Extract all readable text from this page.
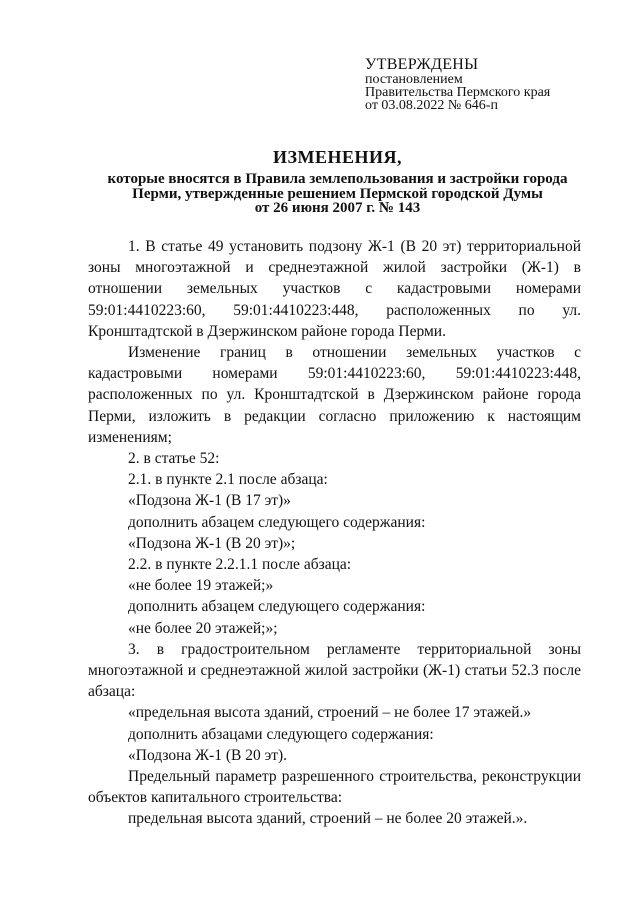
УТВЕРЖДЕНЫ
постановлением
Правительства Пермского края
от 03.08.2022 № 646-п
ИЗМЕНЕНИЯ,
которые вносятся в Правила землепользования и застройки города
Перми, утвержденные решением Пермской городской Думы
от 26 июня 2007 г. № 143

1. В статье 49 установить подзону Ж-1 (В 20 эт) территориальной зоны многоэтажной и среднеэтажной жилой застройки (Ж-1) в отношении земельных участков с кадастровыми номерами 59:01:4410223:60, 59:01:4410223:448, расположенных по ул. Кронштадтской в Дзержинском районе города Перми.

Изменение границ в отношении земельных участков с кадастровыми номерами 59:01:4410223:60, 59:01:4410223:448, расположенных по ул. Кронштадтской в Дзержинском районе города Перми, изложить в редакции согласно приложению к настоящим изменениям;

2. в статье 52:

2.1. в пункте 2.1 после абзаца:

«Подзона Ж-1 (В 17 эт)»

дополнить абзацем следующего содержания:

«Подзона Ж-1 (В 20 эт)»;

2.2. в пункте 2.2.1.1 после абзаца:

«не более 19 этажей;»

дополнить абзацем следующего содержания:

«не более 20 этажей;»;

3. в градостроительном регламенте территориальной зоны многоэтажной и среднеэтажной жилой застройки (Ж-1) статьи 52.3 после абзаца:

«предельная высота зданий, строений – не более 17 этажей.»

дополнить абзацами следующего содержания:

«Подзона Ж-1 (В 20 эт).

Предельный параметр разрешенного строительства, реконструкции объектов капитального строительства:

предельная высота зданий, строений – не более 20 этажей.».
